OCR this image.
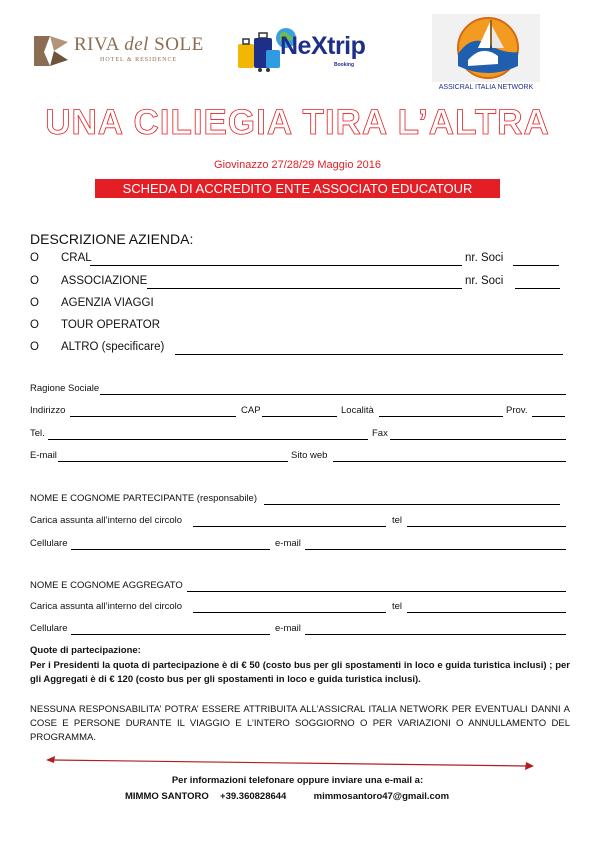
RIVA del SOLE
HOTEL & RESIDENCE	NeXtrip
Booking
ASSICRAL ITALIA NETWORK
UNA CILIEGIA TIRA L’ALTRA
Giovinazzo 27/28/29 Maggio 2016
SCHEDA DI ACCREDITO ENTE ASSOCIATO EDUCATOUR
DESCRIZIONE AZIENDA:
O CRAL	nr. Soci
O ASSOCIAZIONE	nr. Soci
O AGENZIA VIAGGI
O TOUR OPERATOR
O ALTRO (specificare)
Ragione Sociale
Indirizzo	CAP	Località	Prov.
Tel.	Fax
E-mail	Sito web
NOME E COGNOME PARTECIPANTE (responsabile)
Carica assunta all’interno del circolo	tel
Cellulare	e-mail
NOME E COGNOME AGGREGATO
Carica assunta all’interno del circolo	tel
Cellulare	e-mail
Quote di partecipazione:
Per i Presidenti la quota di partecipazione è di € 50 (costo bus per gli spostamenti in loco e guida turistica inclusi) ; per gli Aggregati è di € 120 (costo bus per gli spostamenti in loco e guida turistica inclusi).
NESSUNA RESPONSABILITA’ POTRA’ ESSERE ATTRIBUITA ALL’ASSICRAL ITALIA NETWORK PER EVENTUALI DANNI A COSE E PERSONE DURANTE IL VIAGGIO E L’INTERO SOGGIORNO O PER VARIAZIONI O ANNULLAMENTO DEL PROGRAMMA.
Per informazioni telefonare oppure inviare una e-mail a:
MIMMO SANTORO +39.360828644	mimmosantoro47@gmail.com
